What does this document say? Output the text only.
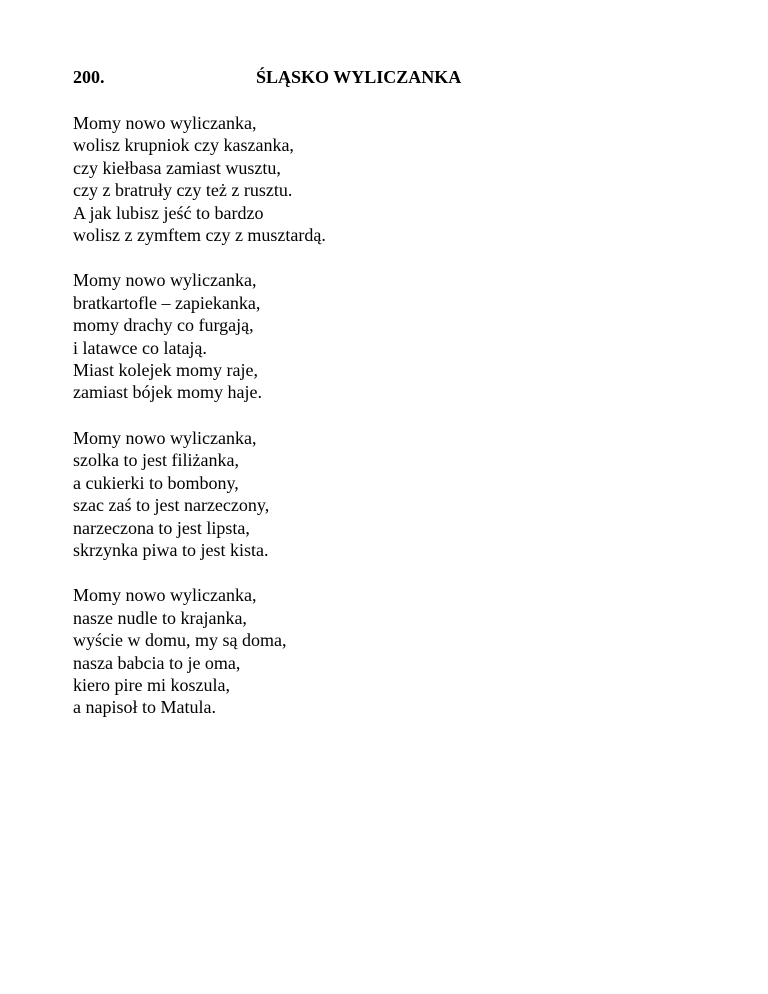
200.	ŚLĄSKO WYLICZANKA
Momy nowo wyliczanka,
wolisz krupniok czy kaszanka,
czy kiełbasa zamiast wusztu,
czy z bratruły czy też z rusztu.
A jak lubisz jeść to bardzo
wolisz z zymftem czy z musztardą.
Momy nowo wyliczanka,
bratkartofle – zapiekanka,
momy drachy co furgają,
i latawce co latają.
Miast kolejek momy raje,
zamiast bójek momy haje.
Momy nowo wyliczanka,
szolka to jest filiżanka,
a cukierki to bombony,
szac zaś to jest narzeczony,
narzeczona to jest lipsta,
skrzynka piwa to jest kista.
Momy nowo wyliczanka,
nasze nudle to krajanka,
wyście w domu, my są doma,
nasza babcia to je oma,
kiero pire mi koszula,
a napisoł to Matula.
